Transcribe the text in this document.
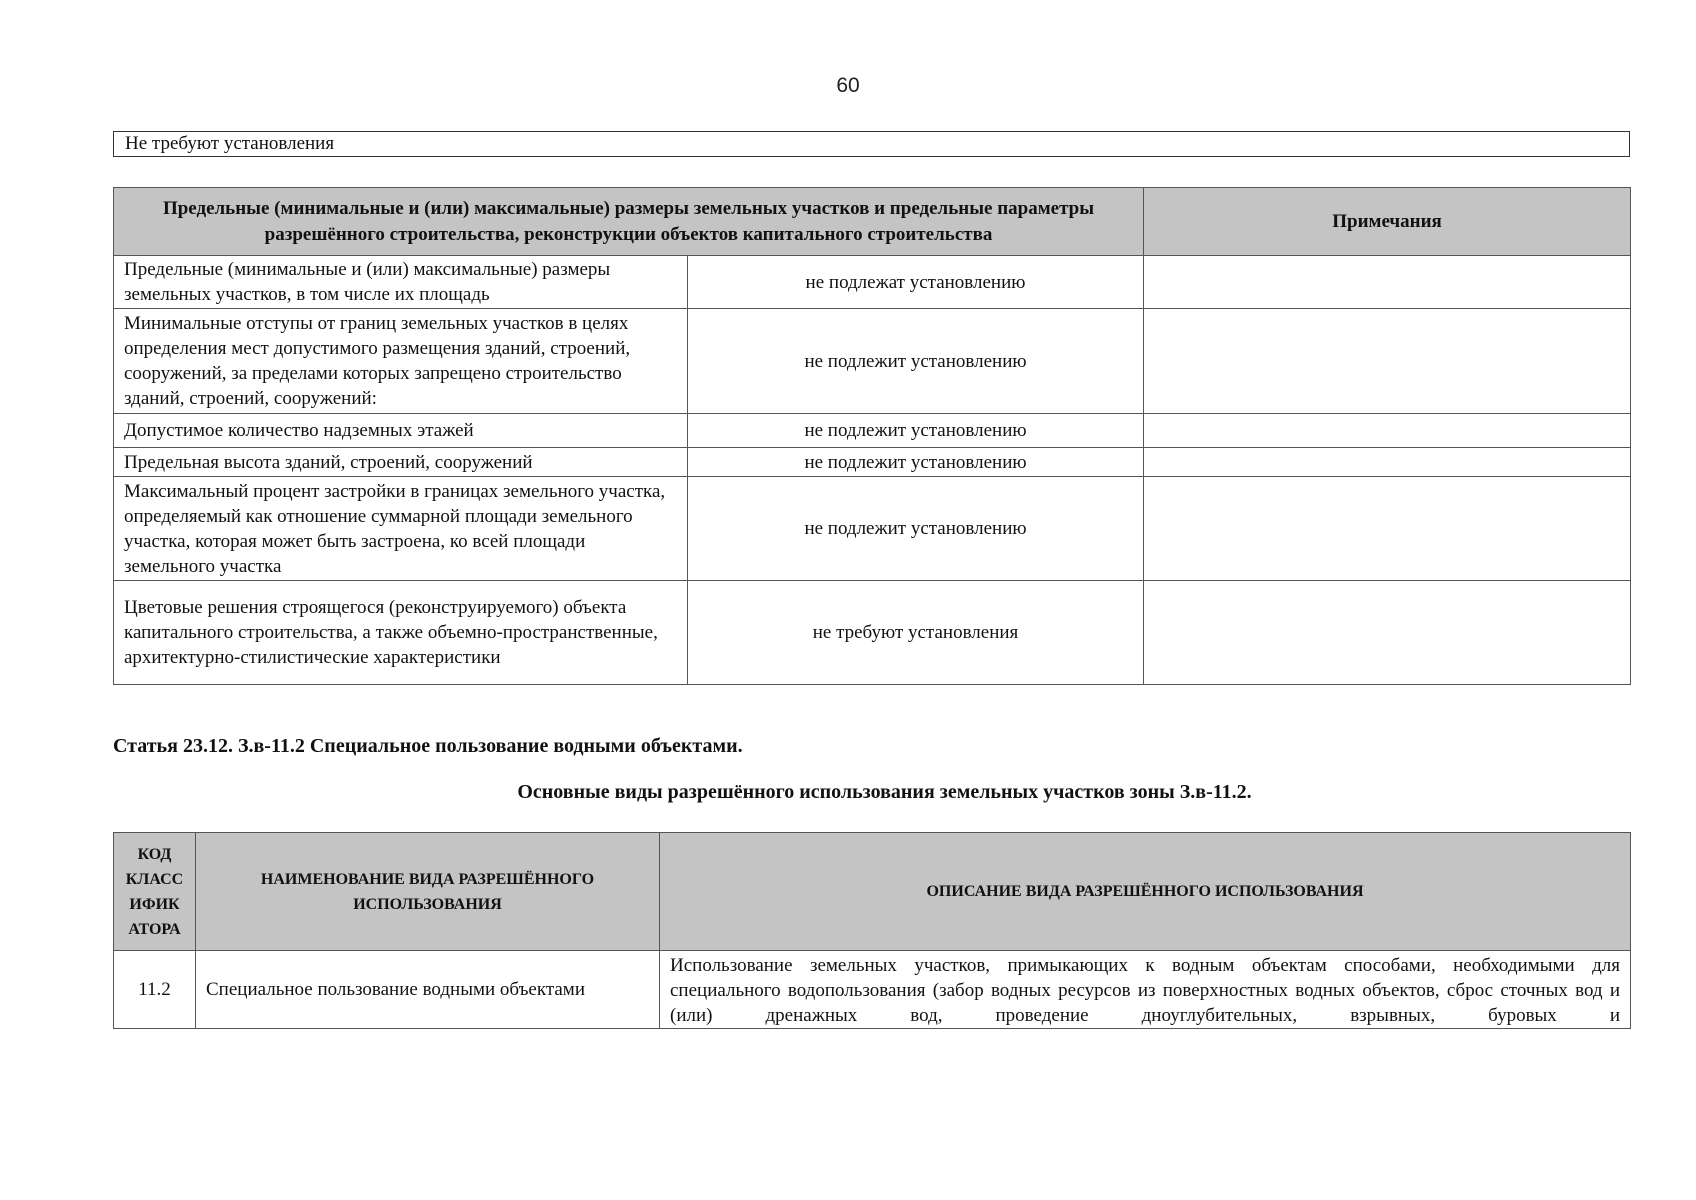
60
Не требуют установления
Предельные (минимальные и (или) максимальные) размеры земельных участков и предельные параметры разрешённого строительства, реконструкции объектов капитального строительства		Примечания
Предельные (минимальные и (или) максимальные) размеры земельных участков, в том числе их площадь	не подлежат установлению	
Минимальные отступы от границ земельных участков в целях определения мест допустимого размещения зданий, строений, сооружений, за пределами которых запрещено строительство зданий, строений, сооружений:	не подлежит установлению	
Допустимое количество надземных этажей	не подлежит установлению	
Предельная высота зданий, строений, сооружений	не подлежит установлению	
Максимальный процент застройки в границах земельного участка, определяемый как отношение суммарной площади земельного участка, которая может быть застроена, ко всей площади земельного участка	не подлежит установлению	
Цветовые решения строящегося (реконструируемого) объекта капитального строительства, а также объемно-пространственные, архитектурно-стилистические характеристики	не требуют установления	
Статья 23.12. З.в-11.2 Специальное пользование водными объектами.
Основные виды разрешённого использования земельных участков зоны З.в-11.2.
КОД
КЛАСС
ИФИК
АТОРА	НАИМЕНОВАНИЕ ВИДА РАЗРЕШЁННОГО ИСПОЛЬЗОВАНИЯ	ОПИСАНИЕ ВИДА РАЗРЕШЁННОГО ИСПОЛЬЗОВАНИЯ
11.2	Специальное пользование водными объектами	Использование земельных участков, примыкающих к водным объектам способами, необходимыми для специального водопользования (забор водных ресурсов из поверхностных водных объектов, сброс сточных вод и (или) дренажных вод, проведение дноуглубительных, взрывных, буровых и
